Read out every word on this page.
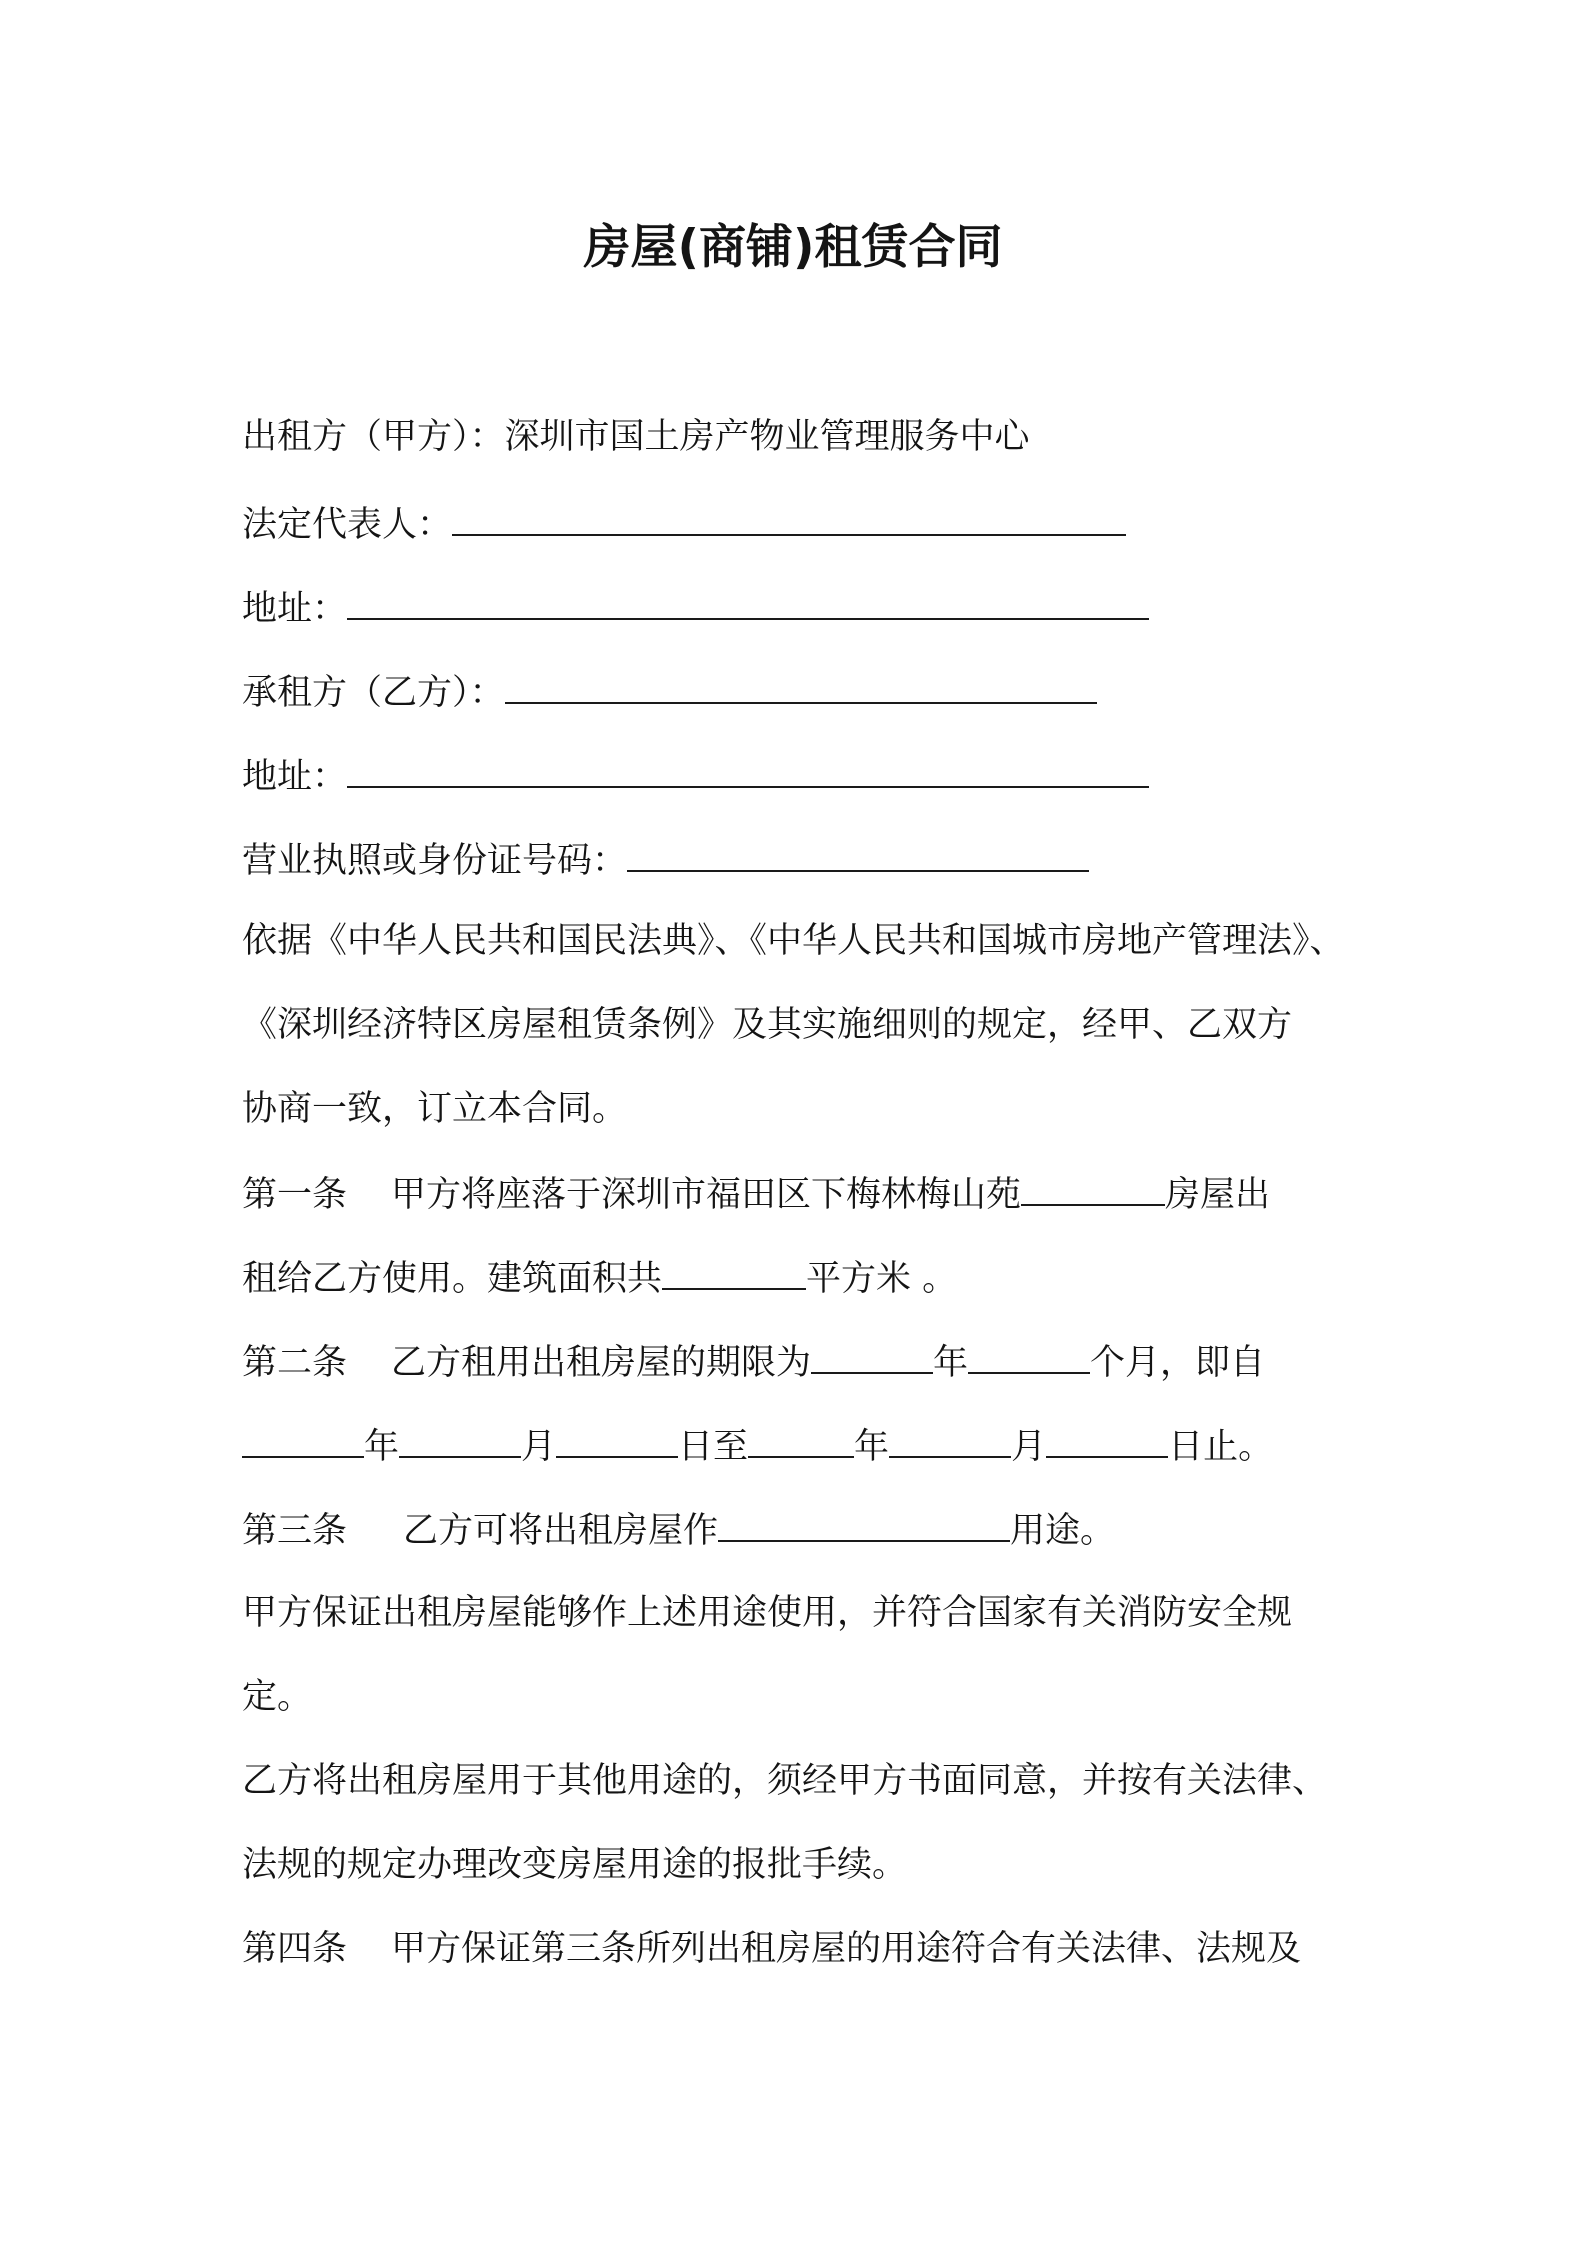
房屋(商铺)租赁合同
出租方（甲方）：深圳市国土房产物业管理服务中心
法定代表人：
地址：
承租方（乙方）：
地址：
营业执照或身份证号码：
依据《中华人民共和国民法典》、《中华人民共和国城市房地产管理法》、
《深圳经济特区房屋租赁条例》及其实施细则的规定，经甲、乙双方
协商一致，订立本合同。
第一条 甲方将座落于深圳市福田区下梅林梅山苑	房屋出
租给乙方使用。建筑面积共	平方米 。
第二条 乙方租用出租房屋的期限为	年	个月，即自
年	月	日至	年	月	日止。
第三条 乙方可将出租房屋作	用途。
甲方保证出租房屋能够作上述用途使用，并符合国家有关消防安全规
定。
乙方将出租房屋用于其他用途的，须经甲方书面同意，并按有关法律、
法规的规定办理改变房屋用途的报批手续。
第四条 甲方保证第三条所列出租房屋的用途符合有关法律、法规及
